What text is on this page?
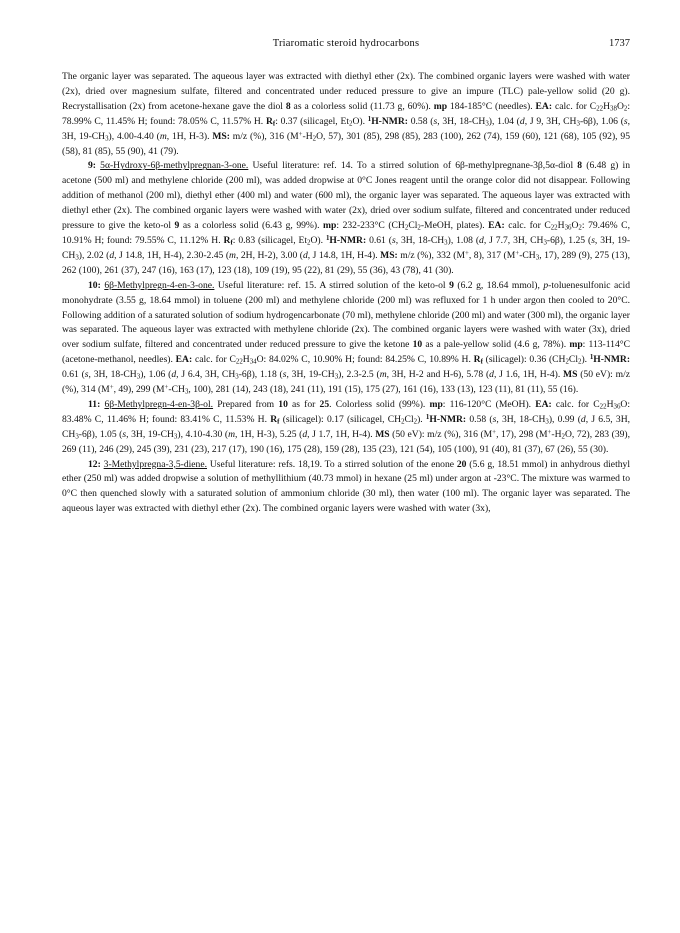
Triaromatic steroid hydrocarbons	1737

The organic layer was separated. The aqueous layer was extracted with diethyl ether (2x). The combined organic layers were washed with water (2x), dried over magnesium sulfate, filtered and concentrated under reduced pressure to give an impure (TLC) pale-yellow solid (20 g). Recrystallisation (2x) from acetone-hexane gave the diol 8 as a colorless solid (11.73 g, 60%). mp 184-185°C (needles). EA: calc. for $C_{22}H_{38}O_2$: 78.99% C, 11.45% H; found: 78.05% C, 11.57% H. $R_f$: 0.37 (silicagel, $Et_2O$). $^1$H-NMR: 0.58 (s, 3H, $18-CH_3$), 1.04 (d, J 9, 3H, $CH_3-6\beta$), 1.06 (s, 3H, $19-CH_3$), 4.00-4.40 (m, 1H, H-3). MS: m/z (%), 316 ($M^+-H_2O$, 57), 301 (85), 298 (85), 283 (100), 262 (74), 159 (60), 121 (68), 105 (92), 95 (58), 81 (85), 55 (90), 41 (79).

9: 5α-Hydroxy-6β-methylpregnan-3-one. Useful literature: ref. 14. To a stirred solution of 6β-methylpregnane-3β,5α-diol 8 (6.48 g) in acetone (500 ml) and methylene chloride (200 ml), was added dropwise at 0°C Jones reagent until the orange color did not disappear. Following addition of methanol (200 ml), diethyl ether (400 ml) and water (600 ml), the organic layer was separated. The aqueous layer was extracted with diethyl ether (2x). The combined organic layers were washed with water (2x), dried over sodium sulfate, filtered and concentrated under reduced pressure to give the keto-ol 9 as a colorless solid (6.43 g, 99%). mp: 232-233°C ($CH_2Cl_2$-MeOH, plates). EA: calc. for $C_{22}H_{36}O_2$: 79.46% C, 10.91% H; found: 79.55% C, 11.12% H. $R_f$: 0.83 (silicagel, $Et_2O$). $^1$H-NMR: 0.61 (s, 3H, $18-CH_3$), 1.08 (d, J 7.7, 3H, $CH_3-6\beta$), 1.25 (s, 3H, $19-CH_3$), 2.02 (d, J 14.8, 1H, H-4), 2.30-2.45 (m, 2H, H-2), 3.00 (d, J 14.8, 1H, H-4). MS: m/z (%), 332 (M+, 8), 317 ($M^+-CH_3$, 17), 289 (9), 275 (13), 262 (100), 261 (37), 247 (16), 163 (17), 123 (18), 109 (19), 95 (22), 81 (29), 55 (36), 43 (78), 41 (30).

10: 6β-Methylpregn-4-en-3-one. Useful literature: ref. 15. A stirred solution of the keto-ol 9 (6.2 g, 18.64 mmol), p-toluenesulfonic acid monohydrate (3.55 g, 18.64 mmol) in toluene (200 ml) and methylene chloride (200 ml) was refluxed for 1 h under argon then cooled to 20°C. Following addition of a saturated solution of sodium hydrogencarbonate (70 ml), methylene chloride (200 ml) and water (300 ml), the organic layer was separated. The aqueous layer was extracted with methylene chloride (2x). The combined organic layers were washed with water (3x), dried over sodium sulfate, filtered and concentrated under reduced pressure to give the ketone 10 as a pale-yellow solid (4.6 g, 78%). mp: 113-114°C (acetone-methanol, needles). EA: calc. for $C_{22}H_{34}O$: 84.02% C, 10.90% H; found: 84.25% C, 10.89% H. $R_f$ (silicagel): 0.36 $(CH_2Cl_2)$. $^1$H-NMR: 0.61 (s, 3H, $18-CH_3$), 1.06 (d, J 6.4, 3H, $CH_3-6\beta$), 1.18 (s, 3H, $19-CH_3$), 2.3-2.5 (m, 3H, H-2 and H-6), 5.78 (d, J 1.6, 1H, H-4). MS (50 eV): m/z (%), 314 (M+, 49), 299 ($M^+-CH_3$, 100), 281 (14), 243 (18), 241 (11), 191 (15), 175 (27), 161 (16), 133 (13), 123 (11), 81 (11), 55 (16).

11: 6β-Methylpregn-4-en-3β-ol. Prepared from 10 as for 25. Colorless solid (99%). mp: 116-120°C (MeOH). EA: calc. for $C_{22}H_{36}O$: 83.48% C, 11.46% H; found: 83.41% C, 11.53% H. $R_f$ (silicagel): 0.17 (silicagel, $CH_2Cl_2$). $^1$H-NMR: 0.58 (s, 3H, $18-CH_3$), 0.99 (d, J 6.5, 3H, $CH_3-6\beta$), 1.05 (s, 3H, $19-CH_3$), 4.10-4.30 (m, 1H, H-3), 5.25 (d, J 1.7, 1H, H-4). MS (50 eV): m/z (%), 316 (M+, 17), 298 ($M^+-H_2O$, 72), 283 (39), 269 (11), 246 (29), 245 (39), 231 (23), 217 (17), 190 (16), 175 (28), 159 (28), 135 (23), 121 (54), 105 (100), 91 (40), 81 (37), 67 (26), 55 (30).

12: 3-Methylpregna-3,5-diene. Useful literature: refs. 18,19. To a stirred solution of the enone 20 (5.6 g, 18.51 mmol) in anhydrous diethyl ether (250 ml) was added dropwise a solution of methyllithium (40.73 mmol) in hexane (25 ml) under argon at -23°C. The mixture was warmed to 0°C then quenched slowly with a saturated solution of ammonium chloride (30 ml), then water (100 ml). The organic layer was separated. The aqueous layer was extracted with diethyl ether (2x). The combined organic layers were washed with water (3x),
